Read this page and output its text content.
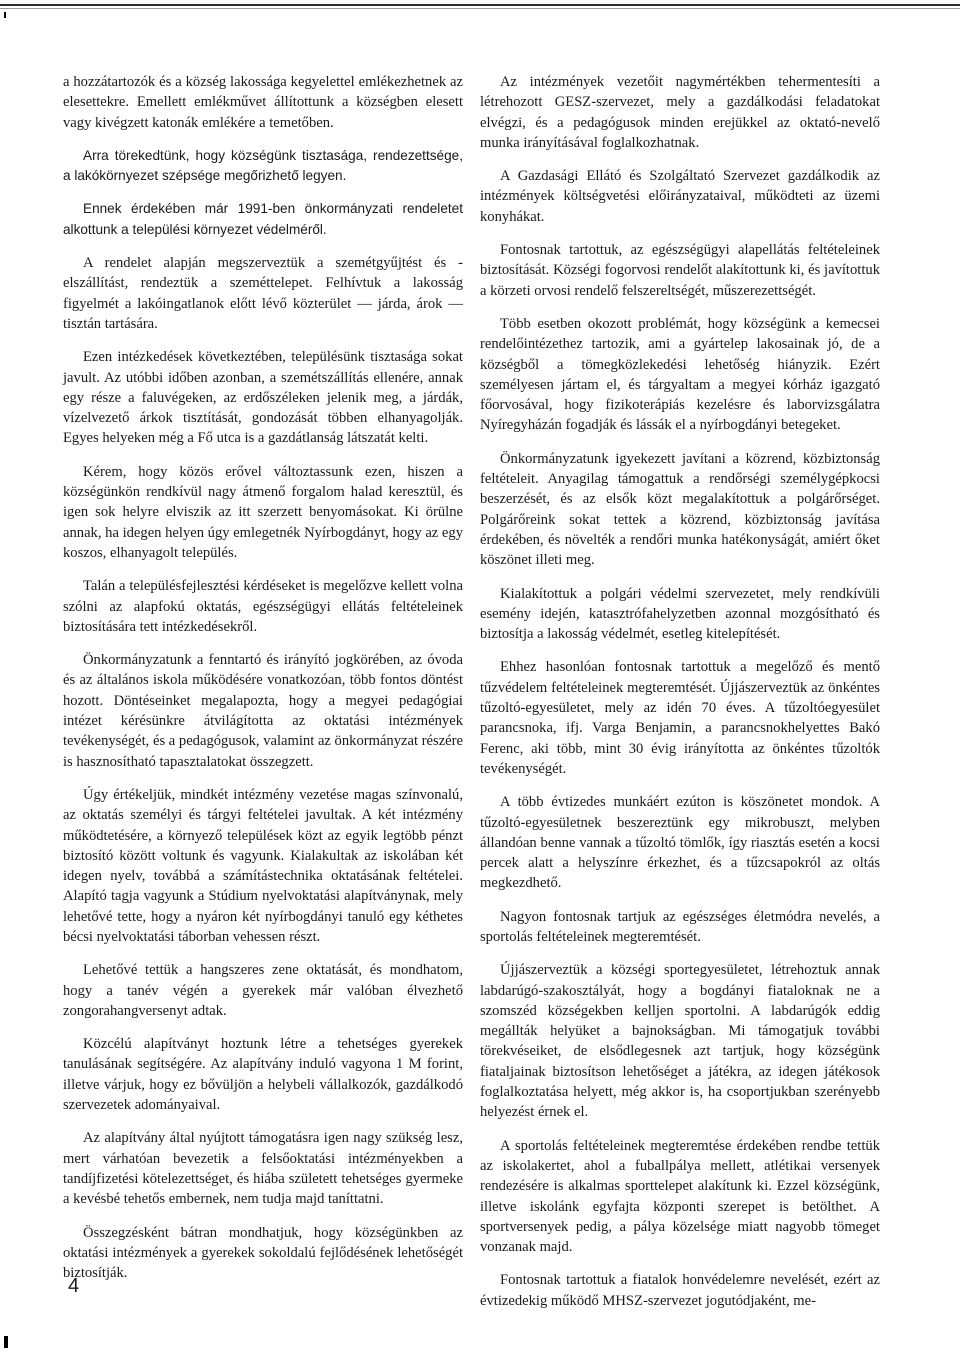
a hozzátartozók és a község lakossága kegyelettel emlékezhetnek az elesettekre. Emellett emlékművet állítottunk a községben elesett vagy kivégzett katonák emlékére a temetőben.

Arra törekedtünk, hogy községünk tisztasága, rendezettsége, a lakókörnyezet szépsége megőrizhető legyen.

Ennek érdekében már 1991-ben önkormányzati rendeletet alkottunk a települési környezet védelméről.

A rendelet alapján megszerveztük a szemétgyűjtést és -elszállítást, rendeztük a szeméttelepet. Felhívtuk a lakosság figyelmét a lakóingatlanok előtt lévő közterület — járda, árok — tisztán tartására.

Ezen intézkedések következtében, településünk tisztasága sokat javult. Az utóbbi időben azonban, a szemétszállítás ellenére, annak egy része a faluvégeken, az erdőszéleken jelenik meg, a járdák, vízelvezető árkok tisztítását, gondozását többen elhanyagolják. Egyes helyeken még a Fő utca is a gazdátlanság látszatát kelti.

Kérem, hogy közös erővel változtassunk ezen, hiszen a községünkön rendkívül nagy átmenő forgalom halad keresztül, és igen sok helyre elviszik az itt szerzett benyomásokat. Ki örülne annak, ha idegen helyen úgy emlegetnék Nyírbogdányt, hogy az egy koszos, elhanyagolt település.

Talán a településfejlesztési kérdéseket is megelőzve kellett volna szólni az alapfokú oktatás, egészségügyi ellátás feltételeinek biztosítására tett intézkedésekről.

Önkormányzatunk a fenntartó és irányító jogkörében, az óvoda és az általános iskola működésére vonatkozóan, több fontos döntést hozott. Döntéseinket megalapozta, hogy a megyei pedagógiai intézet kérésünkre átvilágította az oktatási intézmények tevékenységét, és a pedagógusok, valamint az önkormányzat részére is hasznosítható tapasztalatokat összegzett.

Úgy értékeljük, mindkét intézmény vezetése magas színvonalú, az oktatás személyi és tárgyi feltételei javultak. A két intézmény működtetésére, a környező települések közt az egyik legtöbb pénzt biztosító között voltunk és vagyunk. Kialakultak az iskolában két idegen nyelv, továbbá a számítástechnika oktatásának feltételei. Alapító tagja vagyunk a Stúdium nyelvoktatási alapítványnak, mely lehetővé tette, hogy a nyáron két nyírbogdányi tanuló egy kéthetes bécsi nyelvoktatási táborban vehessen részt.

Lehetővé tettük a hangszeres zene oktatását, és mondhatom, hogy a tanév végén a gyerekek már valóban élvezhető zongorahangversenyt adtak.

Közcélú alapítványt hoztunk létre a tehetséges gyerekek tanulásának segítségére. Az alapítvány induló vagyona 1 M forint, illetve várjuk, hogy ez bővüljön a helybeli vállalkozók, gazdálkodó szervezetek adományaival.

Az alapítvány által nyújtott támogatásra igen nagy szükség lesz, mert várhatóan bevezetik a felsőoktatási intézményekben a tandíjfizetési kötelezettséget, és hiába született tehetséges gyermeke a kevésbé tehetős embernek, nem tudja majd taníttatni.

Összegzésként bátran mondhatjuk, hogy községünkben az oktatási intézmények a gyerekek sokoldalú fejlődésének lehetőségét biztosítják.

Az intézmények vezetőit nagymértékben tehermentesíti a létrehozott GESZ-szervezet, mely a gazdálkodási feladatokat elvégzi, és a pedagógusok minden erejükkel az oktató-nevelő munka irányításával foglalkozhatnak.

A Gazdasági Ellátó és Szolgáltató Szervezet gazdálkodik az intézmények költségvetési előirányzataival, működteti az üzemi konyhákat.

Fontosnak tartottuk, az egészségügyi alapellátás feltételeinek biztosítását. Községi fogorvosi rendelőt alakítottunk ki, és javítottuk a körzeti orvosi rendelő felszereltségét, műszerezettségét.

Több esetben okozott problémát, hogy községünk a kemecsei rendelőintézethez tartozik, ami a gyártelep lakosainak jó, de a községből a tömegközlekedési lehetőség hiányzik. Ezért személyesen jártam el, és tárgyaltam a megyei kórház igazgató főorvosával, hogy fizikoterápiás kezelésre és laborvizsgálatra Nyíregyházán fogadják és lássák el a nyírbogdányi betegeket.

Önkormányzatunk igyekezett javítani a közrend, közbiztonság feltételeit. Anyagilag támogattuk a rendőrségi személygépkocsi beszerzését, és az elsők közt megalakítottuk a polgárőrséget. Polgárőreink sokat tettek a közrend, közbiztonság javítása érdekében, és növelték a rendőri munka hatékonyságát, amiért őket köszönet illeti meg.

Kialakítottuk a polgári védelmi szervezetet, mely rendkívüli esemény idején, katasztrófahelyzetben azonnal mozgósítható és biztosítja a lakosság védelmét, esetleg kitelepítését.

Ehhez hasonlóan fontosnak tartottuk a megelőző és mentő tűzvédelem feltételeinek megteremtését. Újjászerveztük az önkéntes tűzoltó-egyesületet, mely az idén 70 éves. A tűzoltóegyesület parancsnoka, ifj. Varga Benjamin, a parancsnokhelyettes Bakó Ferenc, aki több, mint 30 évig irányította az önkéntes tűzoltók tevékenységét.

A több évtizedes munkáért ezúton is köszönetet mondok. A tűzoltó-egyesületnek beszereztünk egy mikrobuszt, melyben állandóan benne vannak a tűzoltó tömlők, így riasztás esetén a kocsi percek alatt a helyszínre érkezhet, és a tűzcsapokról az oltás megkezdhető.

Nagyon fontosnak tartjuk az egészséges életmódra nevelés, a sportolás feltételeinek megteremtését.

Újjászerveztük a községi sportegyesületet, létrehoztuk annak labdarúgó-szakosztályát, hogy a bogdányi fiataloknak ne a szomszéd községekben kelljen sportolni. A labdarúgók eddig megállták helyüket a bajnokságban. Mi támogatjuk további törekvéseiket, de elsődlegesnek azt tartjuk, hogy községünk fiataljainak biztosítson lehetőséget a játékra, az idegen játékosok foglalkoztatása helyett, még akkor is, ha csoportjukban szerényebb helyezést érnek el.

A sportolás feltételeinek megteremtése érdekében rendbe tettük az iskolakertet, ahol a fuballpálya mellett, atlétikai versenyek rendezésére is alkalmas sporttelepet alakítunk ki. Ezzel községünk, illetve iskolánk egyfajta központi szerepet is betölthet. A sportversenyek pedig, a pálya közelsége miatt nagyobb tömeget vonzanak majd.

Fontosnak tartottuk a fiatalok honvédelemre nevelését, ezért az évtizedekig működő MHSZ-szervezet jogutódjaként, me-

4
